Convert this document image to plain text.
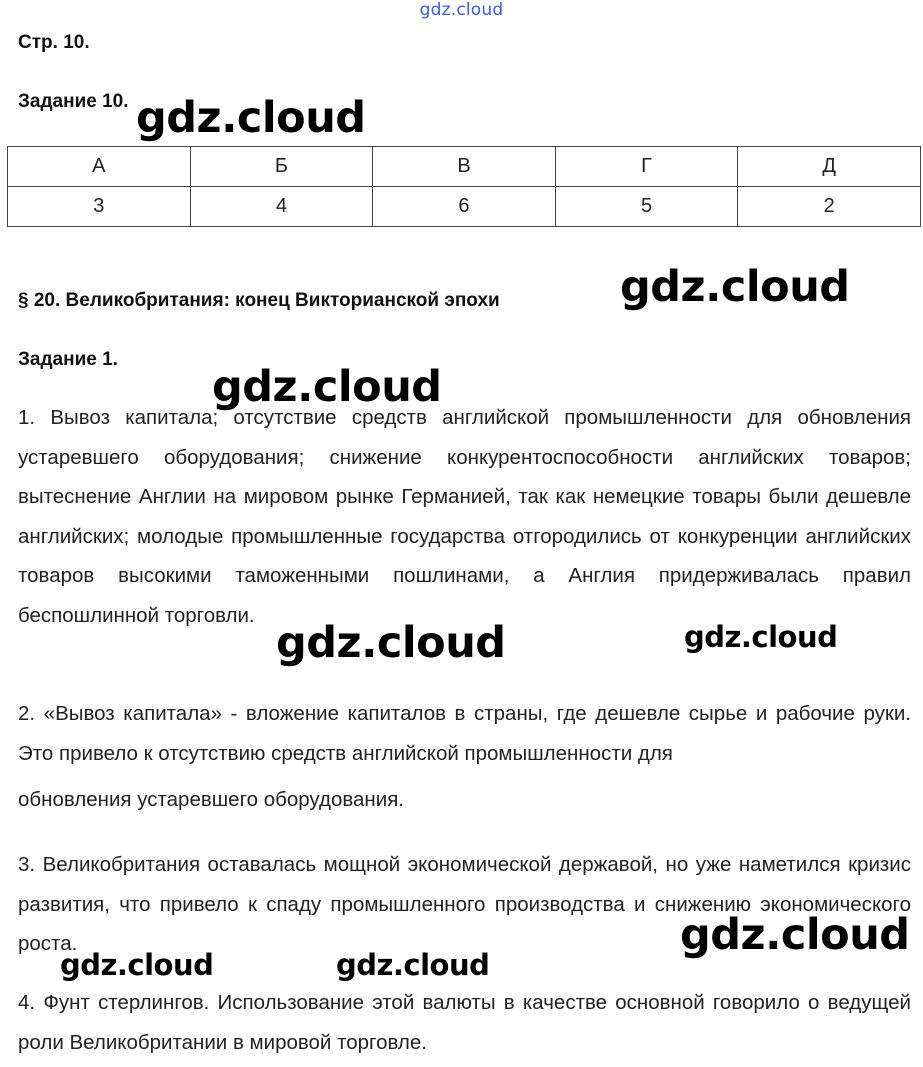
gdz.cloud
Стр. 10.
Задание 10.
А	Б	В	Г	Д
3	4	6	5	2
§ 20. Великобритания: конец Викторианской эпохи
Задание 1.
1. Вывоз капитала; отсутствие средств английской промышленности для обновления устаревшего оборудования; снижение конкурентоспособности английских товаров; вытеснение Англии на мировом рынке Германией, так как немецкие товары были дешевле английских; молодые промышленные государства отгородились от конкуренции английских товаров высокими таможенными пошлинами, а Англия придерживалась правил беспошлинной торговли.
2. «Вывоз капитала» - вложение капиталов в страны, где дешевле сырье и рабочие руки. Это привело к отсутствию средств английской промышленности для
обновления устаревшего оборудования.
3. Великобритания оставалась мощной экономической державой, но уже наметился кризис развития, что привело к спаду промышленного производства и снижению экономического роста.
4. Фунт стерлингов. Использование этой валюты в качестве основной говорило о ведущей роли Великобритании в мировой торговле.
gdz.cloud
gdz.cloud
gdz.cloud
gdz.cloud	gdz.cloud
gdz.cloud
gdz.cloud	gdz.cloud
